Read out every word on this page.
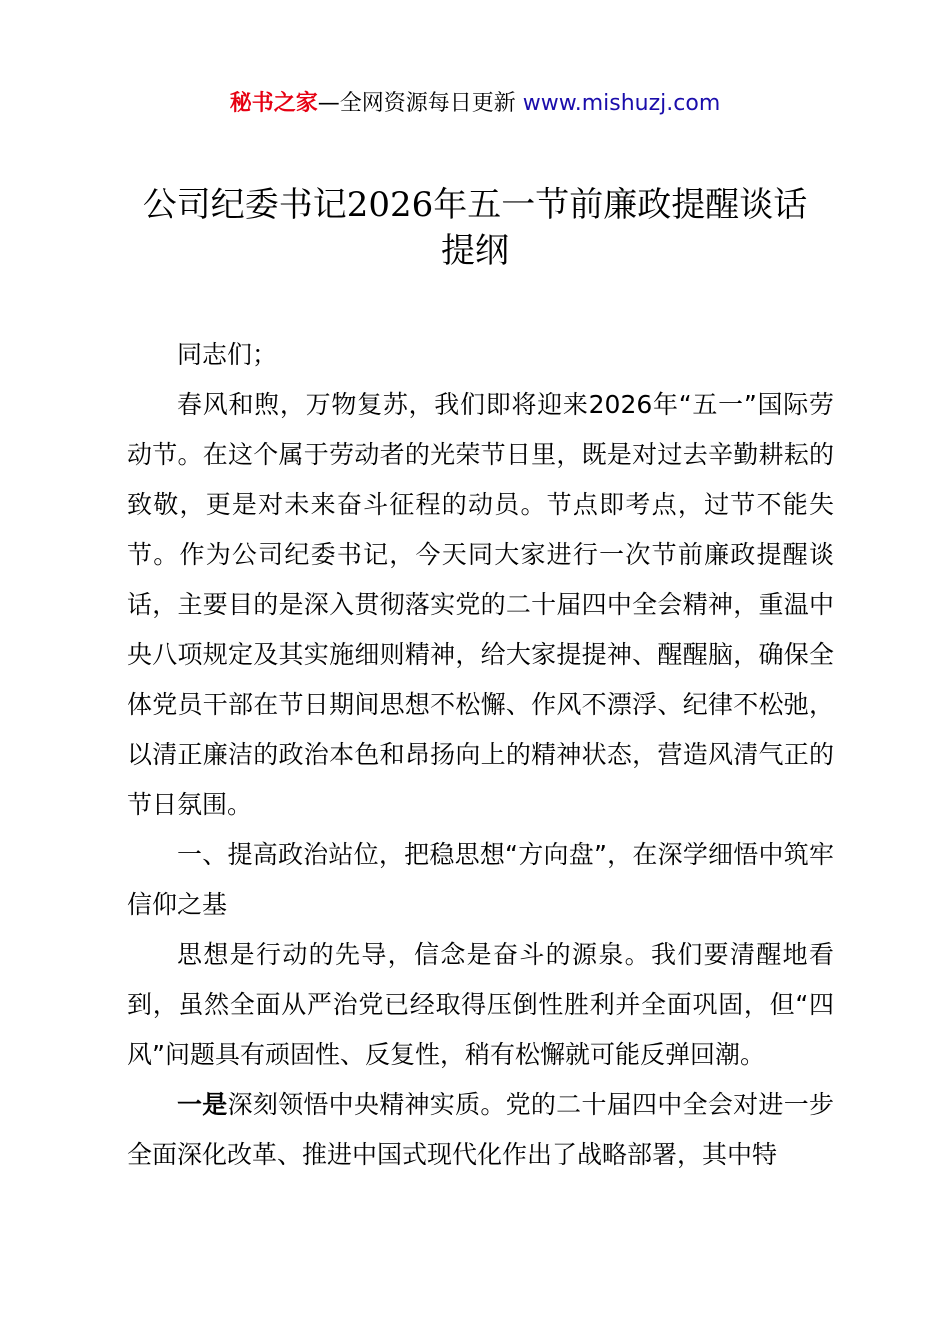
秘书之家—全网资源每日更新 www.mishuzj.com
公司纪委书记2026年五一节前廉政提醒谈话
提纲

同志们；

春风和煦，万物复苏，我们即将迎来2026年“五一”国际劳动节。在这个属于劳动者的光荣节日里，既是对过去辛勤耕耘的致敬，更是对未来奋斗征程的动员。节点即考点，过节不能失节。作为公司纪委书记，今天同大家进行一次节前廉政提醒谈话，主要目的是深入贯彻落实党的二十届四中全会精神，重温中央八项规定及其实施细则精神，给大家提提神、醒醒脑，确保全体党员干部在节日期间思想不松懈、作风不漂浮、纪律不松弛，以清正廉洁的政治本色和昂扬向上的精神状态，营造风清气正的节日氛围。

一、提高政治站位，把稳思想“方向盘”，在深学细悟中筑牢信仰之基

思想是行动的先导，信念是奋斗的源泉。我们要清醒地看到，虽然全面从严治党已经取得压倒性胜利并全面巩固，但“四风”问题具有顽固性、反复性，稍有松懈就可能反弹回潮。

一是深刻领悟中央精神实质。党的二十届四中全会对进一步全面深化改革、推进中国式现代化作出了战略部署，其中特
